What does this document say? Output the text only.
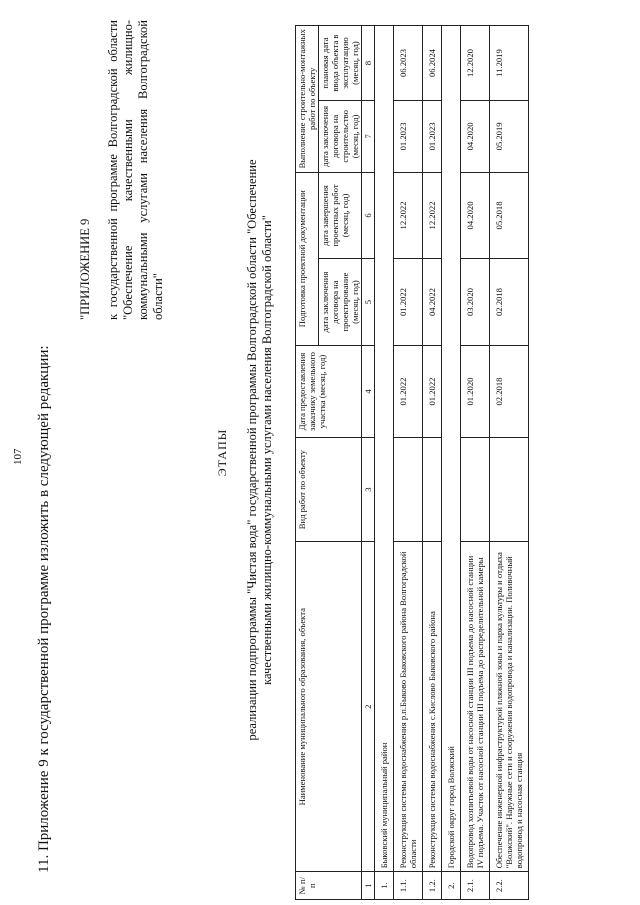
107 11. Приложение 9 к государственной программе изложить в следующей редакции:
"ПРИЛОЖЕНИЕ 9 к государственной программе Волгоградской области "Обеспечение качественными жилищно-коммунальными услугами населения Волгоградской области"
ЭТАПЫ реализации подпрограммы "Чистая вода" государственной программы Волгоградской области "Обеспечение качественными жилищно-коммунальными услугами населения Волгоградской области"
№ п/п	Наименование муниципального образования, объекта	Вид работ по объекту	Дата предоставления заказчику земельного участка (месяц, год)	Подготовка проектной документации		Выполнение строительно-монтажных работ по объекту	
				дата заключения договора на проектирование (месяц, год)	дата завершения проектных работ (месяц, год)	дата заключения договора на строительство (месяц, год)	плановая дата ввода объекта в эксплуатацию (месяц, год)
1	2	3	4	5	6	7	8
1.	Быковский муниципальный район						
1.1.	Реконструкция системы водоснабжения р.п.Быково Быковского района Волгоградской области		01.2022	01.2022	12.2022	01.2023	06.2023
1.2.	Реконструкция системы водоснабжения с.Кислово Быковского района		01.2022	04.2022	12.2022	01.2023	06.2024
2.	Городской округ город Волжский						
2.1.	Водопровод хозпитьевой воды от насосной станции III подъема до насосной станции IV подъема. Участок от насосной станции III подъема до распределительной камеры		01.2020	03.2020	04.2020	04.2020	12.2020
2.2.	Обеспечение инженерной инфраструктурой пляжной зоны и парка культуры и отдыха "Волжский". Наружные сети и сооружения водопровода и канализации. Поливочный водопровод и насосная станция		02.2018	02.2018	05.2018	05.2019	11.2019
